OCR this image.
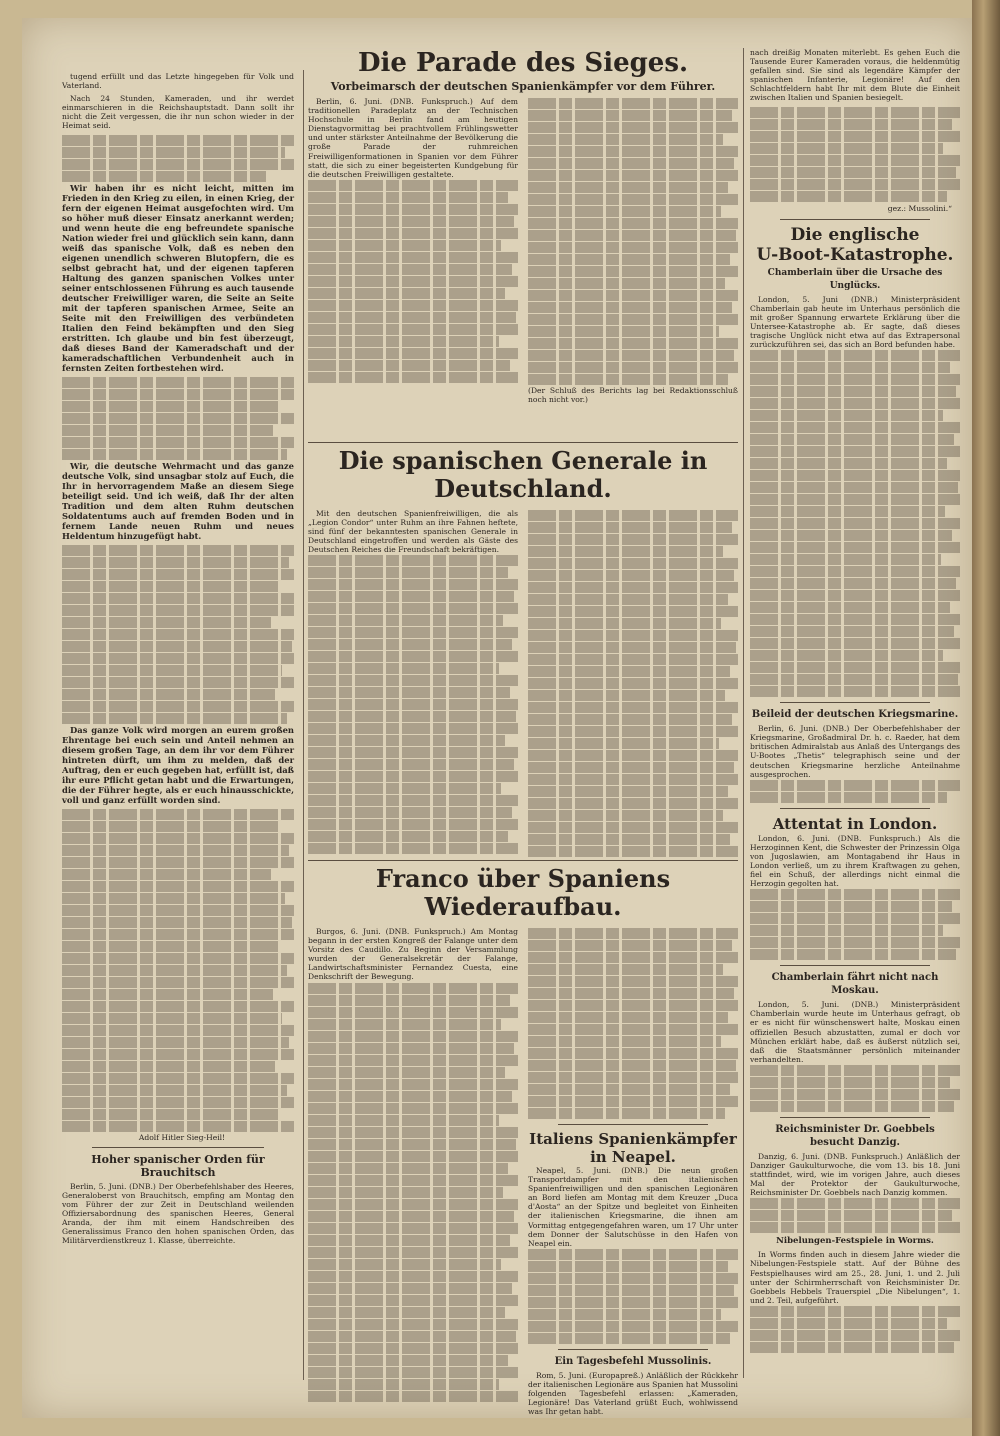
tugend erfüllt und das Letzte hingegeben für Volk und Vaterland.

Nach 24 Stunden, Kameraden, und ihr werdet einmarschieren in die Reichshauptstadt. Dann sollt ihr nicht die Zeit vergessen, die ihr nun schon wieder in der Heimat seid.

Wir haben ihr es nicht leicht, mitten im Frieden in den Krieg zu eilen, in einen Krieg, der fern der eigenen Heimat ausgefochten wird. Um so höher muß dieser Einsatz anerkannt werden; und wenn heute die eng befreundete spanische Nation wieder frei und glücklich sein kann, dann weiß das spanische Volk, daß es neben den eigenen unendlich schweren Blutopfern, die es selbst gebracht hat, und der eigenen tapferen Haltung des ganzen spanischen Volkes unter seiner entschlossenen Führung es auch tausende deutscher Freiwilliger waren, die Seite an Seite mit der tapferen spanischen Armee, Seite an Seite mit den Freiwilligen des verbündeten Italien den Feind bekämpften und den Sieg erstritten. Ich glaube und bin fest überzeugt, daß dieses Band der Kameradschaft und der kameradschaftlichen Verbundenheit auch in fernsten Zeiten fortbestehen wird.

Wir, die deutsche Wehrmacht und das ganze deutsche Volk, sind unsagbar stolz auf Euch, die Ihr in hervorragendem Maße an diesem Siege beteiligt seid. Und ich weiß, daß Ihr der alten Tradition und dem alten Ruhm deutschen Soldatentums auch auf fremden Boden und in fernem Lande neuen Ruhm und neues Heldentum hinzugefügt habt.

Das ganze Volk wird morgen an eurem großen Ehrentage bei euch sein und Anteil nehmen an diesem großen Tage, an dem ihr vor dem Führer hintreten dürft, um ihm zu melden, daß der Auftrag, den er euch gegeben hat, erfüllt ist, daß ihr eure Pflicht getan habt und die Erwartungen, die der Führer hegte, als er euch hinausschickte, voll und ganz erfüllt worden sind.

Adolf Hitler Sieg-Heil!

Hoher spanischer Orden für Brauchitsch

Berlin, 5. Juni. (DNB.) Der Oberbefehlshaber des Heeres, Generaloberst von Brauchitsch, empfing am Montag den vom Führer der zur Zeit in Deutschland weilenden Offiziersabordnung des spanischen Heeres, General Aranda, der ihm mit einem Handschreiben des Generalissimus Franco den hohen spanischen Orden, das Militärverdienstkreuz 1. Klasse, überreichte.

Die Parade des Sieges.

Vorbeimarsch der deutschen Spanienkämpfer vor dem Führer.

Berlin, 6. Juni. (DNB. Funkspruch.) Auf dem traditionellen Paradeplatz an der Technischen Hochschule in Berlin fand am heutigen Dienstagvormittag bei prachtvollem Frühlingswetter und unter stärkster Anteilnahme der Bevölkerung die große Parade der ruhmreichen Freiwilligenformationen in Spanien vor dem Führer statt, die sich zu einer begeisterten Kundgebung für die deutschen Freiwilligen gestaltete.

(Der Schluß des Berichts lag bei Redaktionsschluß noch nicht vor.)

Die spanischen Generale in Deutschland.

Mit den deutschen Spanienfreiwilligen, die als „Legion Condor“ unter Ruhm an ihre Fahnen heftete, sind fünf der bekanntesten spanischen Generale in Deutschland eingetroffen und werden als Gäste des Deutschen Reiches die Freundschaft bekräftigen.

Franco über Spaniens Wiederaufbau.

Burgos, 6. Juni. (DNB. Funkspruch.) Am Montag begann in der ersten Kongreß der Falange unter dem Vorsitz des Caudillo. Zu Beginn der Versammlung wurden der Generalsekretär der Falange, Landwirtschaftsminister Fernandez Cuesta, eine Denkschrift der Bewegung.

Italiens Spanienkämpfer in Neapel.

Neapel, 5. Juni. (DNB.) Die neun großen Transportdampfer mit den italienischen Spanienfreiwilligen und den spanischen Legionären an Bord liefen am Montag mit dem Kreuzer „Duca d'Aosta“ an der Spitze und begleitet von Einheiten der italienischen Kriegsmarine, die ihnen am Vormittag entgegengefahren waren, um 17 Uhr unter dem Donner der Salutschüsse in den Hafen von Neapel ein.

Ein Tagesbefehl Mussolinis.

Rom, 5. Juni. (Europapreß.) Anläßlich der Rückkehr der italienischen Legionäre aus Spanien hat Mussolini folgenden Tagesbefehl erlassen: „Kameraden, Legionäre! Das Vaterland grüßt Euch, wohlwissend was Ihr getan habt.

nach dreißig Monaten miterlebt. Es gehen Euch die Tausende Eurer Kameraden voraus, die heldenmütig gefallen sind. Sie sind als legendäre Kämpfer der spanischen Infanterie, Legionäre! Auf den Schlachtfeldern habt Ihr mit dem Blute die Einheit zwischen Italien und Spanien besiegelt.

gez.: Mussolini.“

Die englische

U-Boot-Katastrophe.

Chamberlain über die Ursache des Unglücks.

London, 5. Juni (DNB.) Ministerpräsident Chamberlain gab heute im Unterhaus persönlich die mit großer Spannung erwartete Erklärung über die Untersee-Katastrophe ab. Er sagte, daß dieses tragische Unglück nicht etwa auf das Extrapersonal zurückzuführen sei, das sich an Bord befunden habe.

Beileid der deutschen Kriegsmarine.

Berlin, 6. Juni. (DNB.) Der Oberbefehlshaber der Kriegsmarine, Großadmiral Dr. h. c. Raeder, hat dem britischen Admiralstab aus Anlaß des Untergangs des U-Bootes „Thetis“ telegraphisch seine und der deutschen Kriegsmarine herzliche Anteilnahme ausgesprochen.

Attentat in London.

London, 6. Juni. (DNB. Funkspruch.) Als die Herzoginnen Kent, die Schwester der Prinzessin Olga von Jugoslawien, am Montagabend ihr Haus in London verließ, um zu ihrem Kraftwagen zu gehen, fiel ein Schuß, der allerdings nicht einmal die Herzogin gegolten hat.

Chamberlain fährt nicht nach Moskau.

London, 5. Juni. (DNB.) Ministerpräsident Chamberlain wurde heute im Unterhaus gefragt, ob er es nicht für wünschenswert halte, Moskau einen offiziellen Besuch abzustatten, zumal er doch vor München erklärt habe, daß es äußerst nützlich sei, daß die Staatsmänner persönlich miteinander verhandelten.

Reichsminister Dr. Goebbels

besucht Danzig.

Danzig, 6. Juni. (DNB. Funkspruch.) Anläßlich der Danziger Gaukulturwoche, die vom 13. bis 18. Juni stattfindet, wird, wie im vorigen Jahre, auch dieses Mal der Protektor der Gaukulturwoche, Reichsminister Dr. Goebbels nach Danzig kommen.

Nibelungen-Festspiele in Worms.

In Worms finden auch in diesem Jahre wieder die Nibelungen-Festspiele statt. Auf der Bühne des Festspielhauses wird am 25., 28. Juni, 1. und 2. Juli unter der Schirmherrschaft von Reichsminister Dr. Goebbels Hebbels Trauerspiel „Die Nibelungen“, 1. und 2. Teil, aufgeführt.
